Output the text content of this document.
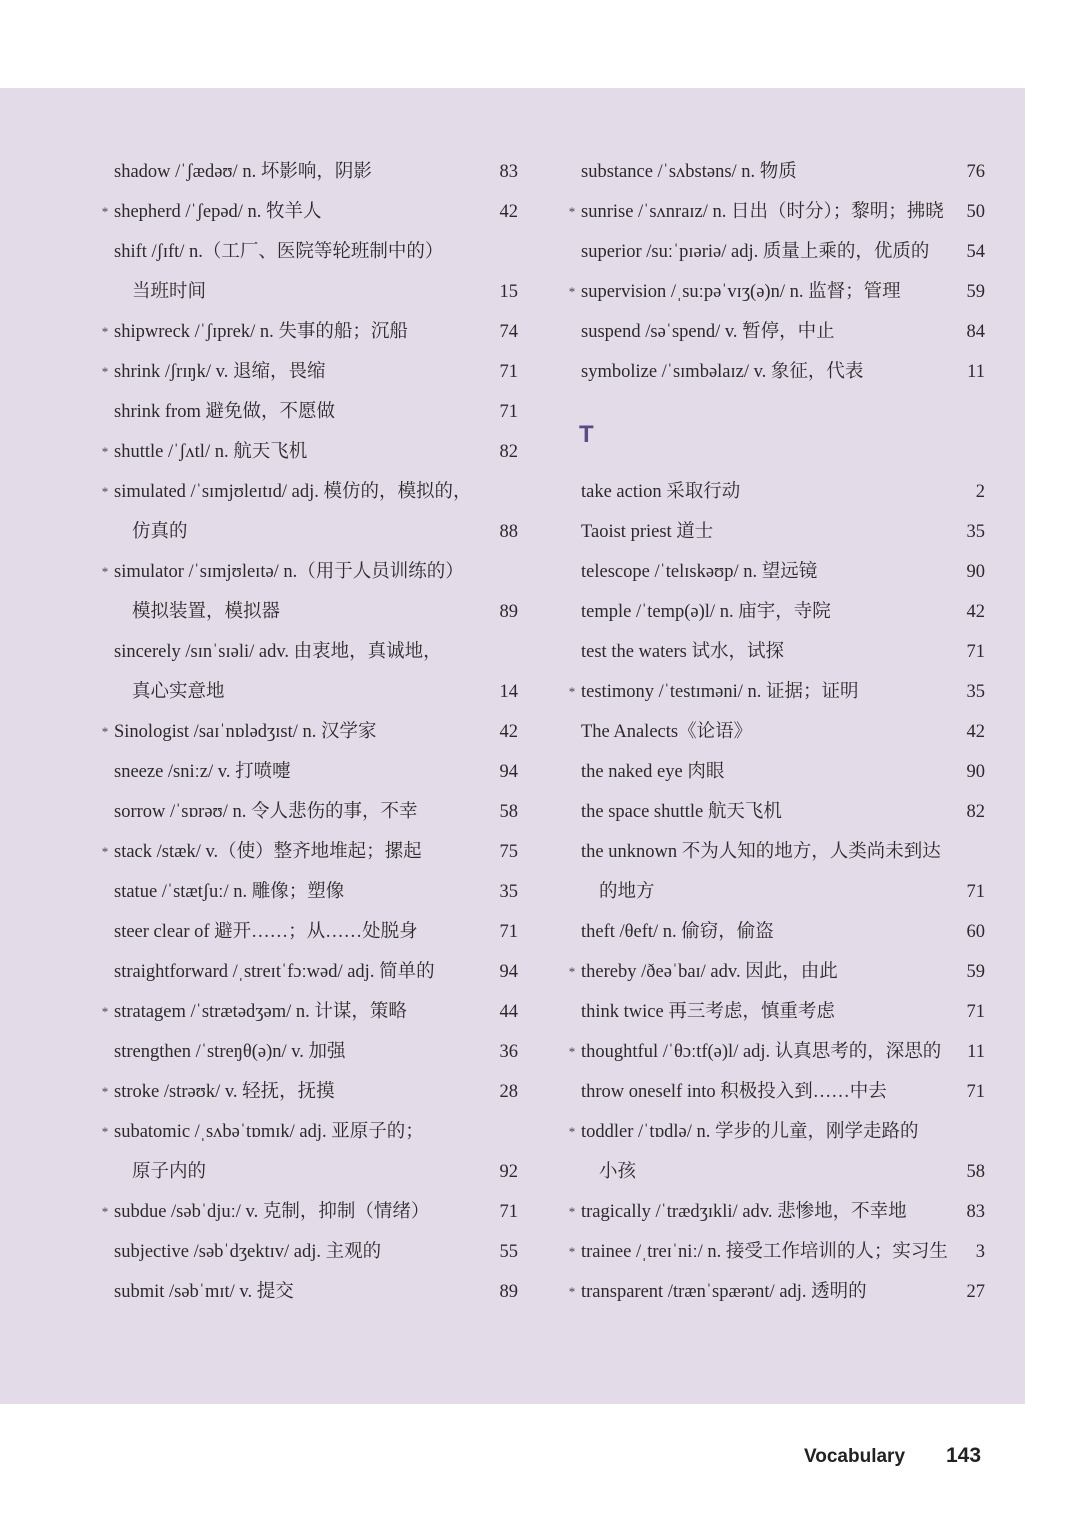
shadow /ˈʃædəʊ/ n. 坏影响，阴影	83
* shepherd /ˈʃepəd/ n. 牧羊人	42
shift /ʃɪft/ n.（工厂、医院等轮班制中的）
当班时间	15
* shipwreck /ˈʃɪprek/ n. 失事的船；沉船	74
* shrink /ʃrɪŋk/ v. 退缩，畏缩	71
shrink from 避免做，不愿做	71
* shuttle /ˈʃʌtl/ n. 航天飞机	82
* simulated /ˈsɪmjʊleɪtɪd/ adj. 模仿的，模拟的，
仿真的	88
* simulator /ˈsɪmjʊleɪtə/ n.（用于人员训练的）
模拟装置，模拟器	89
sincerely /sɪnˈsɪəli/ adv. 由衷地，真诚地，
真心实意地	14
* Sinologist /saɪˈnɒlədʒɪst/ n. 汉学家	42
sneeze /sniːz/ v. 打喷嚏	94
sorrow /ˈsɒrəʊ/ n. 令人悲伤的事，不幸	58
* stack /stæk/ v.（使）整齐地堆起；摞起	75
statue /ˈstætʃuː/ n. 雕像；塑像	35
steer clear of 避开……；从……处脱身	71
straightforward /ˌstreɪtˈfɔːwəd/ adj. 简单的	94
* stratagem /ˈstrætədʒəm/ n. 计谋，策略	44
strengthen /ˈstreŋθ(ə)n/ v. 加强	36
* stroke /strəʊk/ v. 轻抚，抚摸	28
* subatomic /ˌsʌbəˈtɒmɪk/ adj. 亚原子的；
原子内的	92
* subdue /səbˈdjuː/ v. 克制，抑制（情绪）	71
subjective /səbˈdʒektɪv/ adj. 主观的	55
submit /səbˈmɪt/ v. 提交	89
substance /ˈsʌbstəns/ n. 物质	76
* sunrise /ˈsʌnraɪz/ n. 日出（时分）；黎明；拂晓 50
superior /suːˈpɪəriə/ adj. 质量上乘的，优质的 54
* supervision /ˌsuːpəˈvɪʒ(ə)n/ n. 监督；管理	59
suspend /səˈspend/ v. 暂停，中止	84
symbolize /ˈsɪmbəlaɪz/ v. 象征，代表	11
T
take action 采取行动	2
Taoist priest 道士	35
telescope /ˈtelɪskəʊp/ n. 望远镜	90
temple /ˈtemp(ə)l/ n. 庙宇，寺院	42
test the waters 试水，试探	71
* testimony /ˈtestɪməni/ n. 证据；证明	35
The Analects《论语》	42
the naked eye 肉眼	90
the space shuttle 航天飞机	82
the unknown 不为人知的地方，人类尚未到达
的地方	71
theft /θeft/ n. 偷窃，偷盗	60
* thereby /ðeəˈbaɪ/ adv. 因此，由此	59
think twice 再三考虑，慎重考虑	71
* thoughtful /ˈθɔːtf(ə)l/ adj. 认真思考的，深思的 11
throw oneself into 积极投入到……中去	71
* toddler /ˈtɒdlə/ n. 学步的儿童，刚学走路的
小孩	58
* tragically /ˈtrædʒɪkli/ adv. 悲惨地，不幸地	83
* trainee /ˌtreɪˈniː/ n. 接受工作培训的人；实习生 3
* transparent /trænˈspærənt/ adj. 透明的	27
Vocabulary 143
